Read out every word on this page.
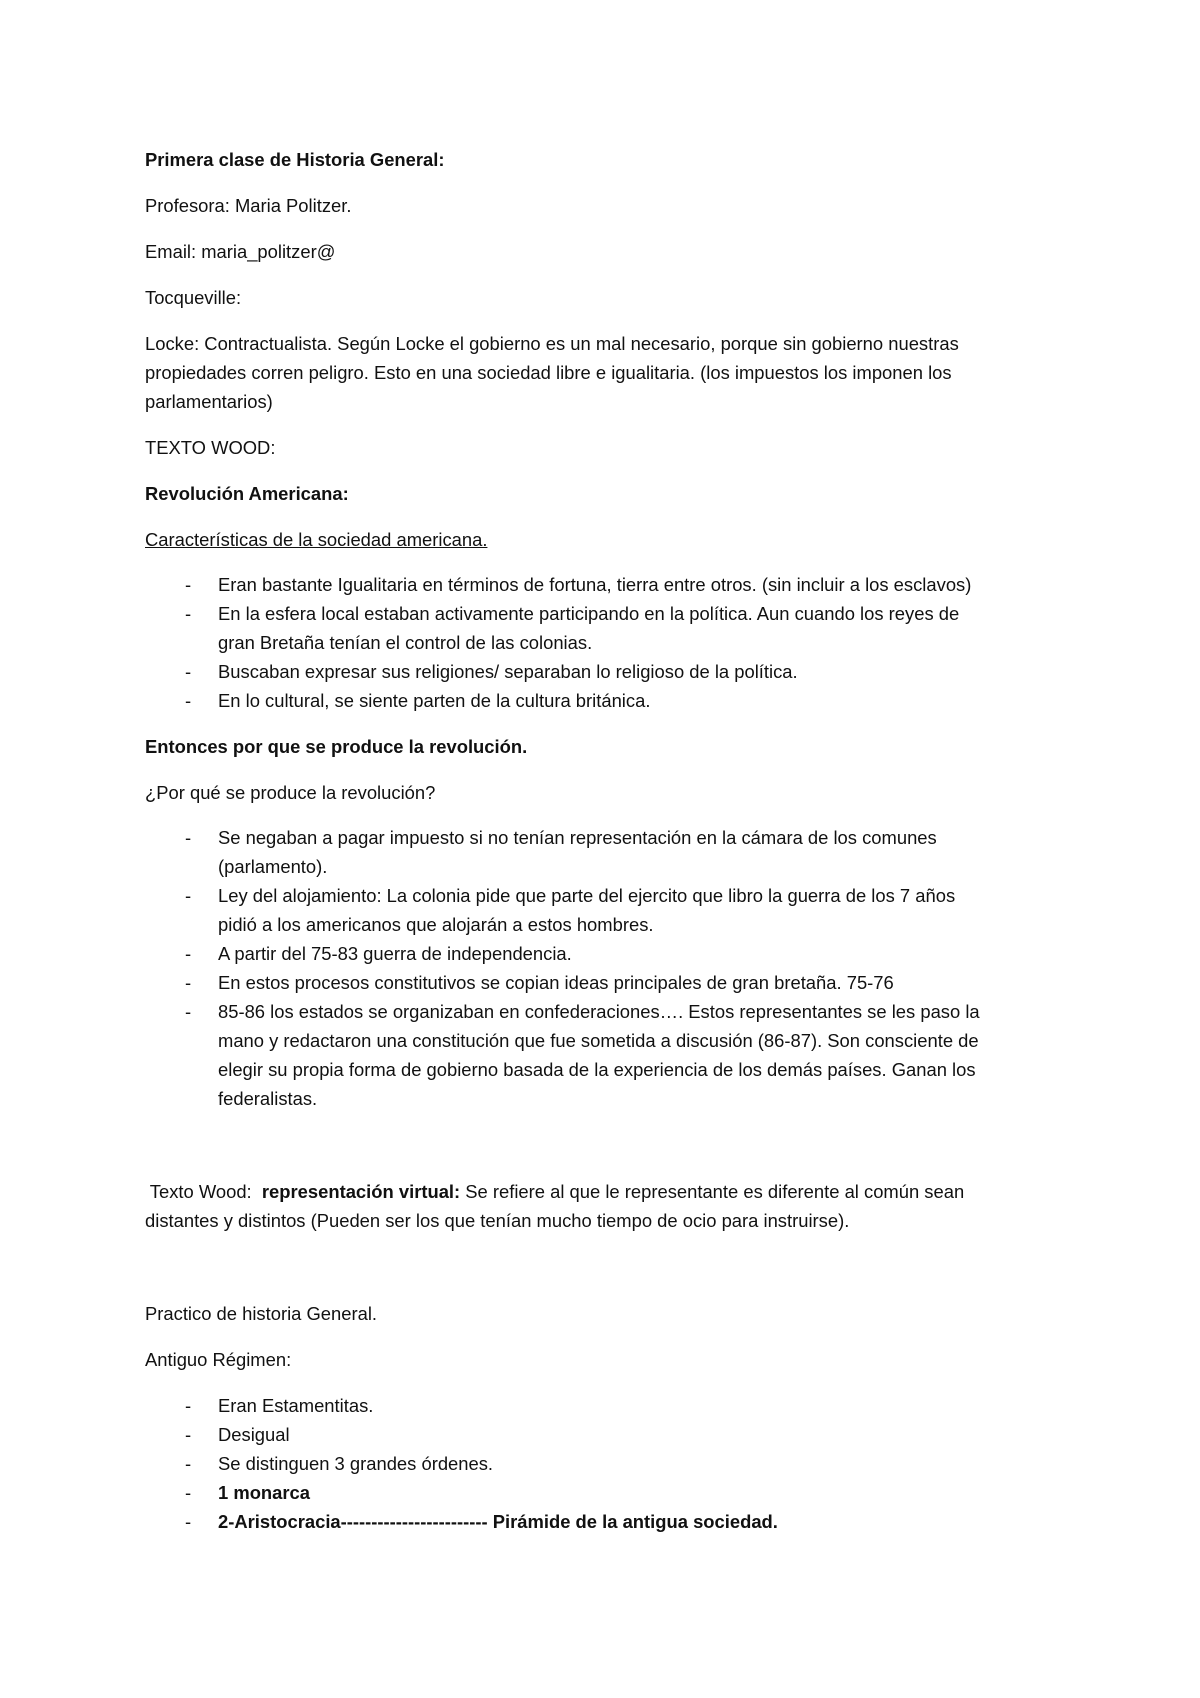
Primera clase de Historia General:
Profesora: Maria Politzer.
Email: maria_politzer@
Tocqueville:
Locke: Contractualista. Según Locke el gobierno es un mal necesario, porque sin gobierno nuestras
propiedades corren peligro. Esto en una sociedad libre e igualitaria. (los impuestos los imponen los
parlamentarios)
TEXTO WOOD:
Revolución Americana:
Características de la sociedad americana.
- Eran bastante Igualitaria en términos de fortuna, tierra entre otros. (sin incluir a los esclavos)
- En la esfera local estaban activamente participando en la política. Aun cuando los reyes de
gran Bretaña tenían el control de las colonias.
- Buscaban expresar sus religiones/ separaban lo religioso de la política.
- En lo cultural, se siente parten de la cultura británica.
Entonces por que se produce la revolución.
¿Por qué se produce la revolución?
- Se negaban a pagar impuesto si no tenían representación en la cámara de los comunes
(parlamento).
- Ley del alojamiento: La colonia pide que parte del ejercito que libro la guerra de los 7 años
pidió a los americanos que alojarán a estos hombres.
- A partir del 75-83 guerra de independencia.
- En estos procesos constitutivos se copian ideas principales de gran bretaña. 75-76
- 85-86 los estados se organizaban en confederaciones…. Estos representantes se les paso la
mano y redactaron una constitución que fue sometida a discusión (86-87). Son consciente de
elegir su propia forma de gobierno basada de la experiencia de los demás países. Ganan los
federalistas.
Texto Wood:  representación virtual: Se refiere al que le representante es diferente al común sean
distantes y distintos (Pueden ser los que tenían mucho tiempo de ocio para instruirse).
Practico de historia General.
Antiguo Régimen:
- Eran Estamentitas.
- Desigual
- Se distinguen 3 grandes órdenes.
- 1 monarca
- 2-Aristocracia------------------------ Pirámide de la antigua sociedad.
